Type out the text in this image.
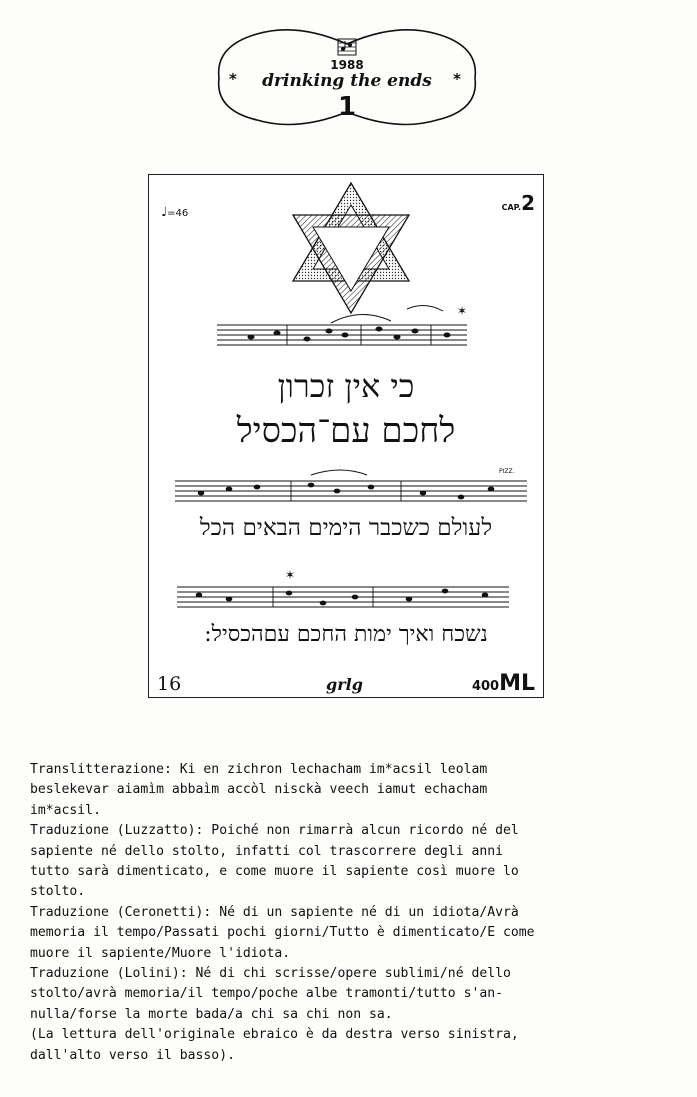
1988
*	drinking the ends	*
1
♩=46
CAP.2
✶
כי אין זכרון
לחכם עם־הכסיל
PIZZ.
לעולם כשכבר הימים הבאים הכל
✶
נשכח ואיך ימות החכם עםהכסיל:
16	grlg	400ML
Translitterazione: Ki en zichron lechacham im*acsil leolam
beslekevar aiamìm abbaìm accòl nisckà veech iamut echacham
im*acsil.
Traduzione (Luzzatto): Poiché non rimarrà alcun ricordo né del
sapiente né dello stolto, infatti col trascorrere degli anni
tutto sarà dimenticato, e come muore il sapiente così muore lo
stolto.
Traduzione (Ceronetti): Né di un sapiente né di un idiota/Avrà
memoria il tempo/Passati pochi giorni/Tutto è dimenticato/E come
muore il sapiente/Muore l'idiota.
Traduzione (Lolini): Né di chi scrisse/opere sublimi/né dello
stolto/avrà memoria/il tempo/poche albe tramonti/tutto s'an-
nulla/forse la morte bada/a chi sa chi non sa.
(La lettura dell'originale ebraico è da destra verso sinistra,
dall'alto verso il basso).
